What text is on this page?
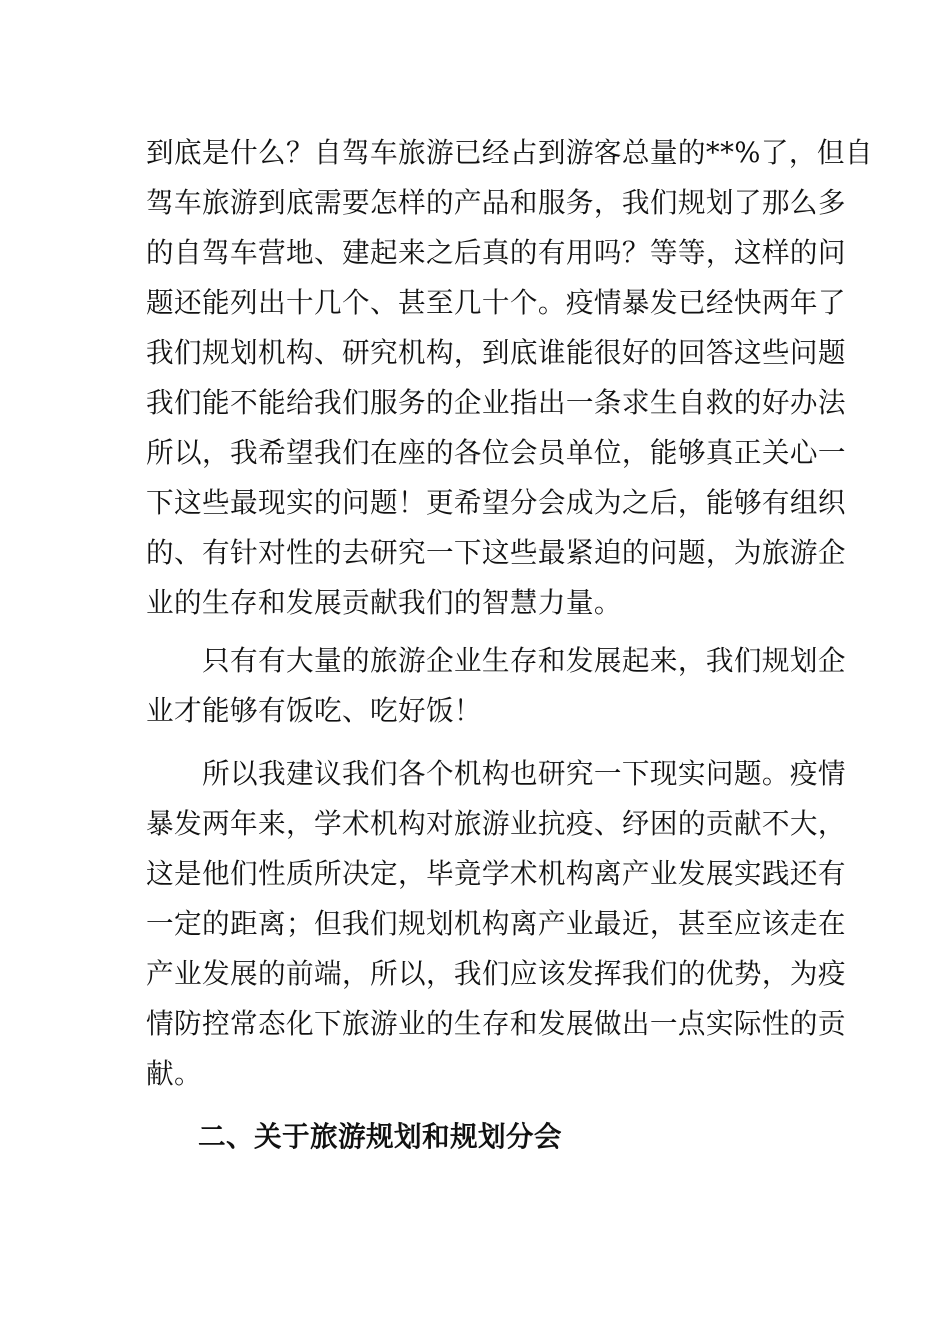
到底是什么？自驾车旅游已经占到游客总量的**%了，但自
驾车旅游到底需要怎样的产品和服务，我们规划了那么多
的自驾车营地、建起来之后真的有用吗？等等，这样的问
题还能列出十几个、甚至几十个。疫情暴发已经快两年了
我们规划机构、研究机构，到底谁能很好的回答这些问题
我们能不能给我们服务的企业指出一条求生自救的好办法
所以，我希望我们在座的各位会员单位，能够真正关心一
下这些最现实的问题！更希望分会成为之后，能够有组织
的、有针对性的去研究一下这些最紧迫的问题，为旅游企
业的生存和发展贡献我们的智慧力量。
　　只有有大量的旅游企业生存和发展起来，我们规划企
业才能够有饭吃、吃好饭！
　　所以我建议我们各个机构也研究一下现实问题。疫情
暴发两年来，学术机构对旅游业抗疫、纾困的贡献不大，
这是他们性质所决定，毕竟学术机构离产业发展实践还有
一定的距离；但我们规划机构离产业最近，甚至应该走在
产业发展的前端，所以，我们应该发挥我们的优势，为疫
情防控常态化下旅游业的生存和发展做出一点实际性的贡
献。
二、关于旅游规划和规划分会
